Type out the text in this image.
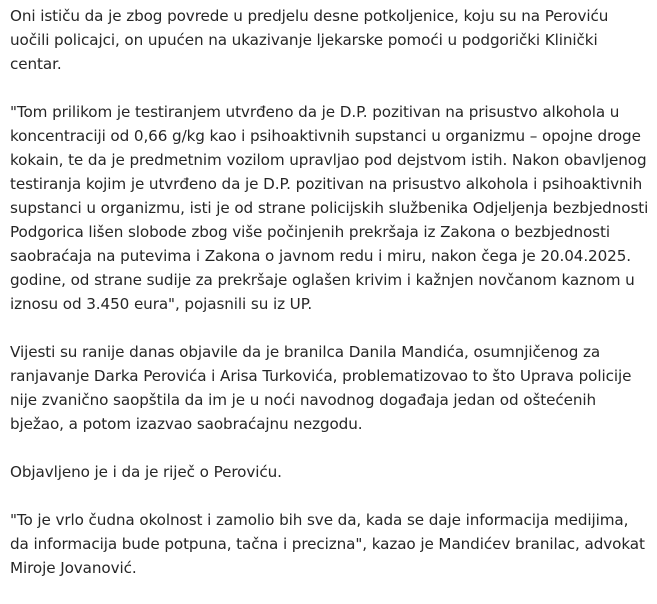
Oni ističu da je zbog povrede u predjelu desne potkoljenice, koju su na Peroviću uočili policajci, on upućen na ukazivanje ljekarske pomoći u podgorički Klinički centar.

"Tom prilikom je testiranjem utvrđeno da je D.P. pozitivan na prisustvo alkohola u koncentraciji od 0,66 g/kg kao i psihoaktivnih supstanci u organizmu – opojne droge kokain, te da je predmetnim vozilom upravljao pod dejstvom istih. Nakon obavljenog testiranja kojim je utvrđeno da je D.P. pozitivan na prisustvo alkohola i psihoaktivnih supstanci u organizmu, isti je od strane policijskih službenika Odjeljenja bezbjednosti Podgorica lišen slobode zbog više počinjenih prekršaja iz Zakona o bezbjednosti saobraćaja na putevima i Zakona o javnom redu i miru, nakon čega je 20.04.2025. godine, od strane sudije za prekršaje oglašen krivim i kažnjen novčanom kaznom u iznosu od 3.450 eura", pojasnili su iz UP.

Vijesti su ranije danas objavile da je branilca Danila Mandića, osumnjičenog za ranjavanje Darka Perovića i Arisa Turkovića, problematizovao to što Uprava policije nije zvanično saopštila da im je u noći navodnog događaja jedan od oštećenih bježao, a potom izazvao saobraćajnu nezgodu.

Objavljeno je i da je riječ o Peroviću.

"To je vrlo čudna okolnost i zamolio bih sve da, kada se daje informacija medijima, da informacija bude potpuna, tačna i precizna", kazao je Mandićev branilac, advokat Miroje Jovanović.
